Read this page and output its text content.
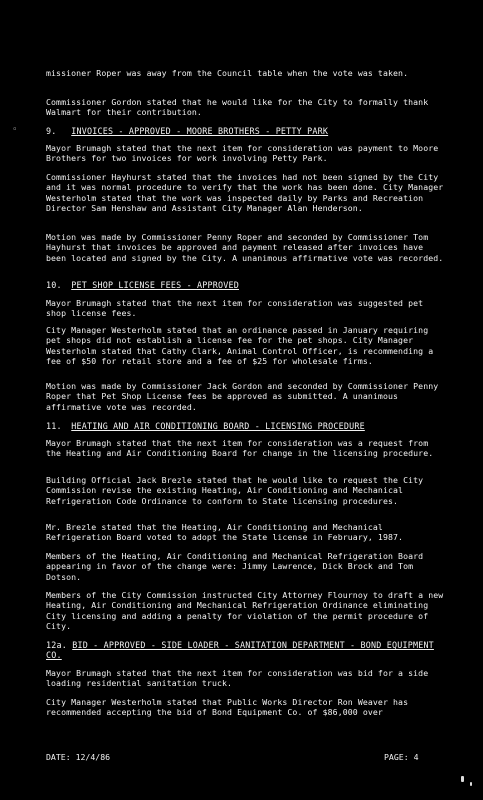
◦
missioner Roper was away from the Council table when the vote was taken.
Commissioner Gordon stated that he would like for the City to formally thank Walmart for their contribution.
9. INVOICES - APPROVED - MOORE BROTHERS - PETTY PARK
Mayor Brumagh stated that the next item for consideration was payment to Moore Brothers for two invoices for work involving Petty Park.
Commissioner Hayhurst stated that the invoices had not been signed by the City and it was normal procedure to verify that the work has been done. City Manager Westerholm stated that the work was inspected daily by Parks and Recreation Director Sam Henshaw and Assistant City Manager Alan Henderson.
Motion was made by Commissioner Penny Roper and seconded by Commissioner Tom Hayhurst that invoices be approved and payment released after invoices have been located and signed by the City. A unanimous affirmative vote was recorded.
10. PET SHOP LICENSE FEES - APPROVED
Mayor Brumagh stated that the next item for consideration was suggested pet shop license fees.
City Manager Westerholm stated that an ordinance passed in January requiring pet shops did not establish a license fee for the pet shops. City Manager Westerholm stated that Cathy Clark, Animal Control Officer, is recommending a fee of $50 for retail store and a fee of $25 for wholesale firms.
Motion was made by Commissioner Jack Gordon and seconded by Commissioner Penny Roper that Pet Shop License fees be approved as submitted. A unanimous affirmative vote was recorded.
11. HEATING AND AIR CONDITIONING BOARD - LICENSING PROCEDURE
Mayor Brumagh stated that the next item for consideration was a request from the Heating and Air Conditioning Board for change in the licensing procedure.
Building Official Jack Brezle stated that he would like to request the City Commission revise the existing Heating, Air Conditioning and Mechanical Refrigeration Code Ordinance to conform to State licensing procedures.
Mr. Brezle stated that the Heating, Air Conditioning and Mechanical Refrigeration Board voted to adopt the State license in February, 1987.
Members of the Heating, Air Conditioning and Mechanical Refrigeration Board appearing in favor of the change were: Jimmy Lawrence, Dick Brock and Tom Dotson.
Members of the City Commission instructed City Attorney Flournoy to draft a new Heating, Air Conditioning and Mechanical Refrigeration Ordinance eliminating City licensing and adding a penalty for violation of the permit procedure of City.
12a. BID - APPROVED - SIDE LOADER - SANITATION DEPARTMENT - BOND EQUIPMENT CO.
Mayor Brumagh stated that the next item for consideration was bid for a side loading residential sanitation truck.
City Manager Westerholm stated that Public Works Director Ron Weaver has recommended accepting the bid of Bond Equipment Co. of $86,000 over
DATE: 12/4/86	PAGE: 4
